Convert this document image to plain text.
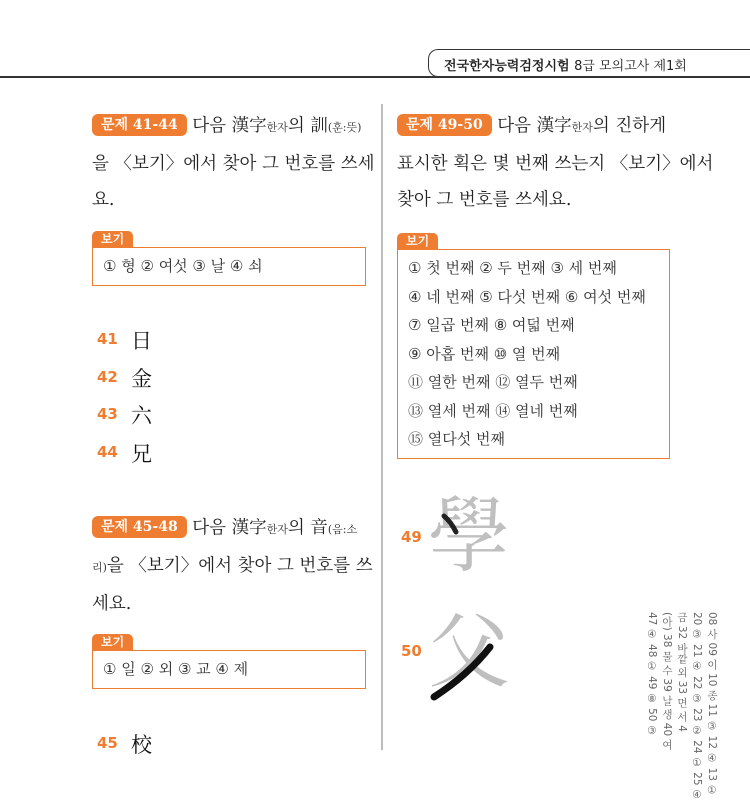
전국한자능력검정시험 8급 모의고사 제1회
문제 41-44 다음 漢字한자의 訓(훈:뜻)
을 〈보기〉에서 찾아 그 번호를 쓰세
요.
보기
① 형 ② 여섯 ③ 날 ④ 쇠
41 日
42 金
43 六
44 兄
문제 45-48 다음 漢字한자의 音(음:소
리)을 〈보기〉에서 찾아 그 번호를 쓰
세요.
보기
① 일 ② 외 ③ 교 ④ 제
45 校
문제 49-50 다음 漢字한자의 진하게
표시한 획은 몇 번째 쓰는지 〈보기〉에서
찾아 그 번호를 쓰세요.
보기
① 첫 번째 ② 두 번째 ③ 세 번째
④ 네 번째 ⑤ 다섯 번째 ⑥ 여섯 번째
⑦ 일곱 번째 ⑧ 여덟 번째
⑨ 아홉 번째 ⑩ 열 번째
⑪ 열한 번째 ⑫ 열두 번째
⑬ 열세 번째 ⑭ 열네 번째
⑮ 열다섯 번째
49 學
50 父	08 사 09 이 10 종 11 ③ 12 ④ 13 ①
20 ③ 21 ④ 22 ③ 23 ② 24 ① 25 ④
금 32 바깥 외 33 면 서 4
(아) 38 물 수 39 날 생 40 여
47 ④ 48 ① 49 ⑧ 50 ③
